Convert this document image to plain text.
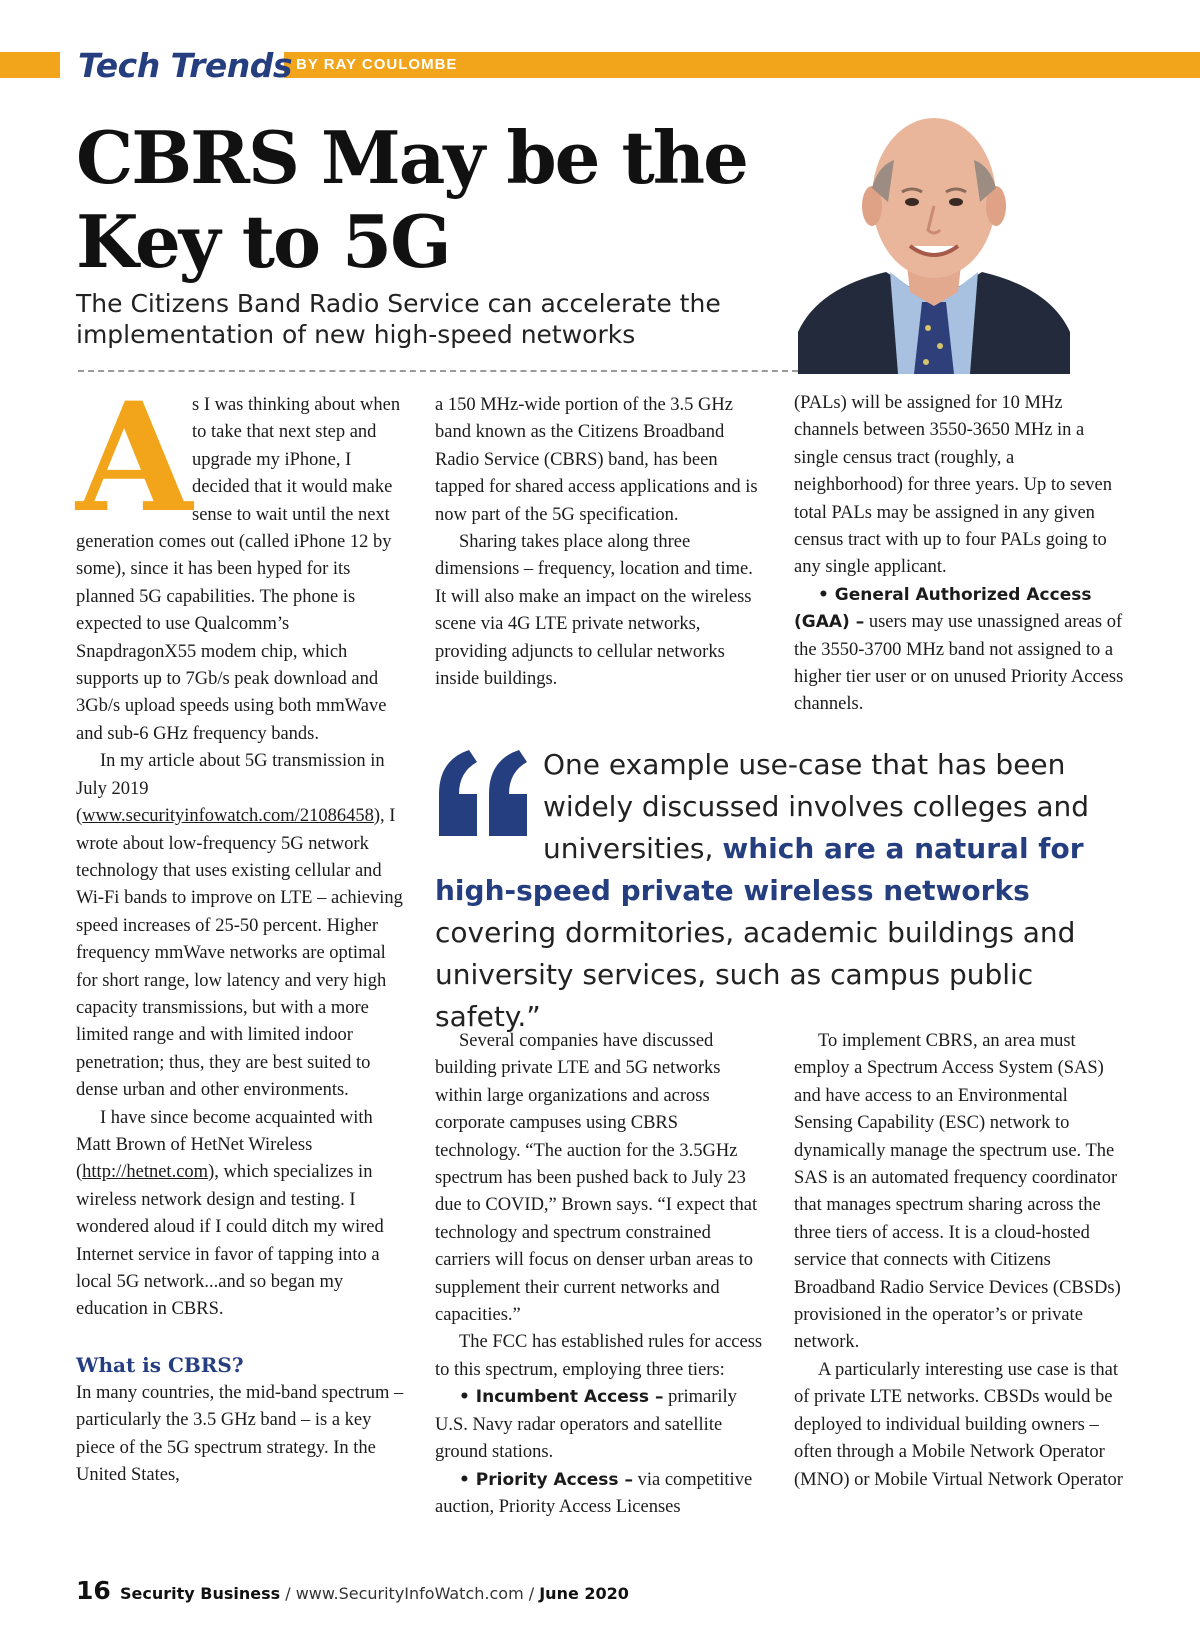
Tech Trends BY RAY COULOMBE
CBRS May be the
Key to 5G
The Citizens Band Radio Service can accelerate the
implementation of new high-speed networks
A s I was thinking about when to take that next step and upgrade my iPhone, I decided that it would make sense to wait until the next generation comes out (called iPhone 12 by some), since it has been hyped for its planned 5G capabilities. The phone is expected to use Qualcomm’s SnapdragonX55 modem chip, which supports up to 7Gb/s peak download and 3Gb/s upload speeds using both mmWave and sub-6 GHz frequency bands.

In my article about 5G transmission in July 2019 (www.securityinfowatch.com/21086458), I wrote about low-frequency 5G network technology that uses existing cellular and Wi-Fi bands to improve on LTE – achieving speed increases of 25-50 percent. Higher frequency mmWave networks are optimal for short range, low latency and very high capacity transmissions, but with a more limited range and with limited indoor penetration; thus, they are best suited to dense urban and other environments.

I have since become acquainted with Matt Brown of HetNet Wireless (http://hetnet.com), which specializes in wireless network design and testing. I wondered aloud if I could ditch my wired Internet service in favor of tapping into a local 5G network...and so began my education in CBRS.

What is CBRS?

In many countries, the mid-band spectrum – particularly the 3.5 GHz band – is a key piece of the 5G spectrum strategy. In the United States,

a 150 MHz-wide portion of the 3.5 GHz band known as the Citizens Broadband Radio Service (CBRS) band, has been tapped for shared access applications and is now part of the 5G specification.

Sharing takes place along three dimensions – frequency, location and time. It will also make an impact on the wireless scene via 4G LTE private networks, providing adjuncts to cellular networks inside buildings.

(PALs) will be assigned for 10 MHz channels between 3550-3650 MHz in a single census tract (roughly, a neighborhood) for three years. Up to seven total PALs may be assigned in any given census tract with up to four PALs going to any single applicant.

• General Authorized Access (GAA) – users may use unassigned areas of the 3550-3700 MHz band not assigned to a higher tier user or on unused Priority Access channels.

One example use-case that has been widely discussed involves colleges and universities, which are a natural for high-speed private wireless networks covering dormitories, academic buildings and university services, such as campus public safety.”

Several companies have discussed building private LTE and 5G networks within large organizations and across corporate campuses using CBRS technology. “The auction for the 3.5GHz spectrum has been pushed back to July 23 due to COVID,” Brown says. “I expect that technology and spectrum constrained carriers will focus on denser urban areas to supplement their current networks and capacities.”

The FCC has established rules for access to this spectrum, employing three tiers:

• Incumbent Access – primarily U.S. Navy radar operators and satellite ground stations.

• Priority Access – via competitive auction, Priority Access Licenses

To implement CBRS, an area must employ a Spectrum Access System (SAS) and have access to an Environmental Sensing Capability (ESC) network to dynamically manage the spectrum use. The SAS is an automated frequency coordinator that manages spectrum sharing across the three tiers of access. It is a cloud-hosted service that connects with Citizens Broadband Radio Service Devices (CBSDs) provisioned in the operator’s or private network.

A particularly interesting use case is that of private LTE networks. CBSDs would be deployed to individual building owners – often through a Mobile Network Operator (MNO) or Mobile Virtual Network Operator

16 Security Business / www.SecurityInfoWatch.com / June 2020
